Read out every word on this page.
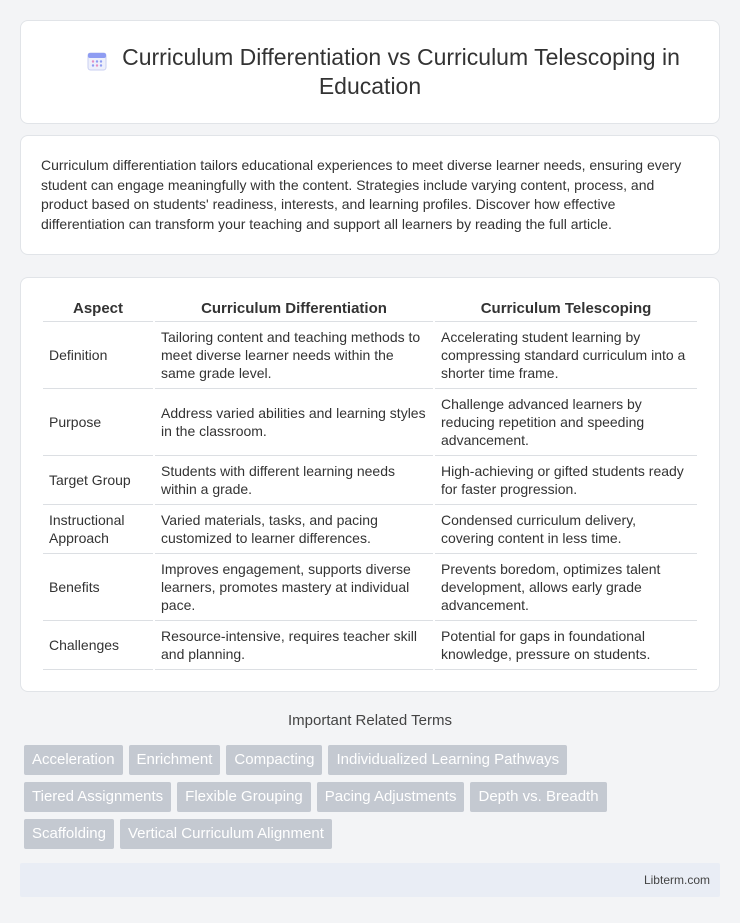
Curriculum Differentiation vs Curriculum Telescoping in Education

Curriculum differentiation tailors educational experiences to meet diverse learner needs, ensuring every student can engage meaningfully with the content. Strategies include varying content, process, and product based on students' readiness, interests, and learning profiles. Discover how effective differentiation can transform your teaching and support all learners by reading the full article.

Aspect	Curriculum Differentiation	Curriculum Telescoping
Definition	Tailoring content and teaching methods to meet diverse learner needs within the same grade level.	Accelerating student learning by compressing standard curriculum into a shorter time frame.
Purpose	Address varied abilities and learning styles in the classroom.	Challenge advanced learners by reducing repetition and speeding advancement.
Target Group	Students with different learning needs within a grade.	High-achieving or gifted students ready for faster progression.
Instructional Approach	Varied materials, tasks, and pacing customized to learner differences.	Condensed curriculum delivery, covering content in less time.
Benefits	Improves engagement, supports diverse learners, promotes mastery at individual pace.	Prevents boredom, optimizes talent development, allows early grade advancement.
Challenges	Resource-intensive, requires teacher skill and planning.	Potential for gaps in foundational knowledge, pressure on students.
Important Related Terms
Acceleration	Enrichment	Compacting	Individualized Learning Pathways
Tiered Assignments	Flexible Grouping	Pacing Adjustments	Depth vs. Breadth
Scaffolding	Vertical Curriculum Alignment
Libterm.com
